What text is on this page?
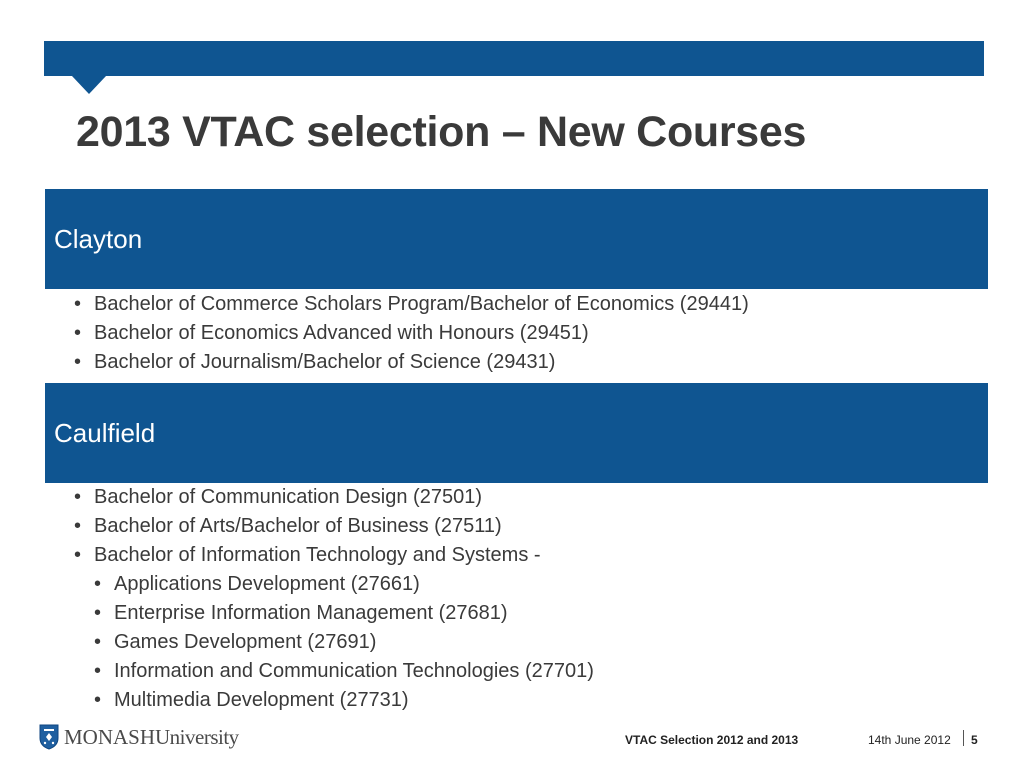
2013 VTAC selection – New Courses
Clayton
• Bachelor of Commerce Scholars Program/Bachelor of Economics (29441)
• Bachelor of Economics Advanced with Honours (29451)
• Bachelor of Journalism/Bachelor of Science (29431)
Caulfield
• Bachelor of Communication Design (27501)
• Bachelor of Arts/Bachelor of Business (27511)
• Bachelor of Information Technology and Systems -
• Applications Development (27661)
• Enterprise Information Management (27681)
• Games Development (27691)
• Information and Communication Technologies (27701)
• Multimedia Development (27731)
MONASHUniversity	VTAC Selection 2012 and 2013	14th June 2012 5
